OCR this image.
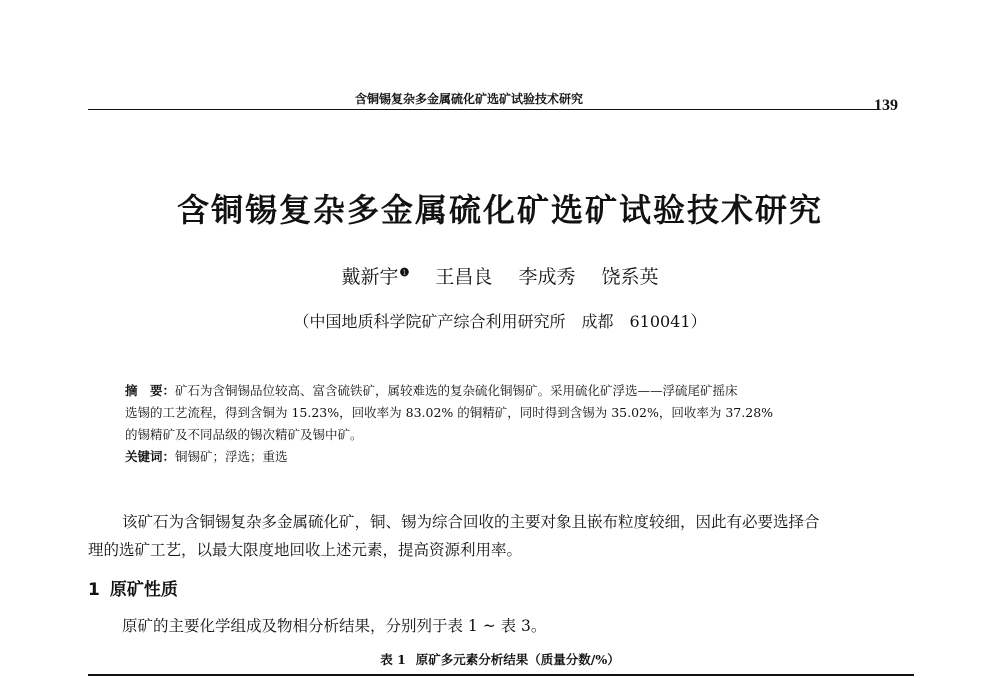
含铜锡复杂多金属硫化矿选矿试验技术研究	139
含铜锡复杂多金属硫化矿选矿试验技术研究
戴新宇$^❶$ 王昌良 李成秀 饶系英
（中国地质科学院矿产综合利用研究所　成都　610041）
摘　要：矿石为含铜锡品位较高、富含硫铁矿，属较难选的复杂硫化铜锡矿。采用硫化矿浮选——浮硫尾矿摇床
选锡的工艺流程，得到含铜为 15.23%，回收率为 83.02% 的铜精矿，同时得到含锡为 35.02%，回收率为 37.28%
的锡精矿及不同品级的锡次精矿及锡中矿。
关键词：铜锡矿；浮选；重选
该矿石为含铜锡复杂多金属硫化矿，铜、锡为综合回收的主要对象且嵌布粒度较细，因此有必要选择合
理的选矿工艺，以最大限度地回收上述元素，提高资源利用率。
1 原矿性质
原矿的主要化学组成及物相分析结果，分别列于表 1 ~ 表 3。
表 1 原矿多元素分析结果（质量分数/%）
